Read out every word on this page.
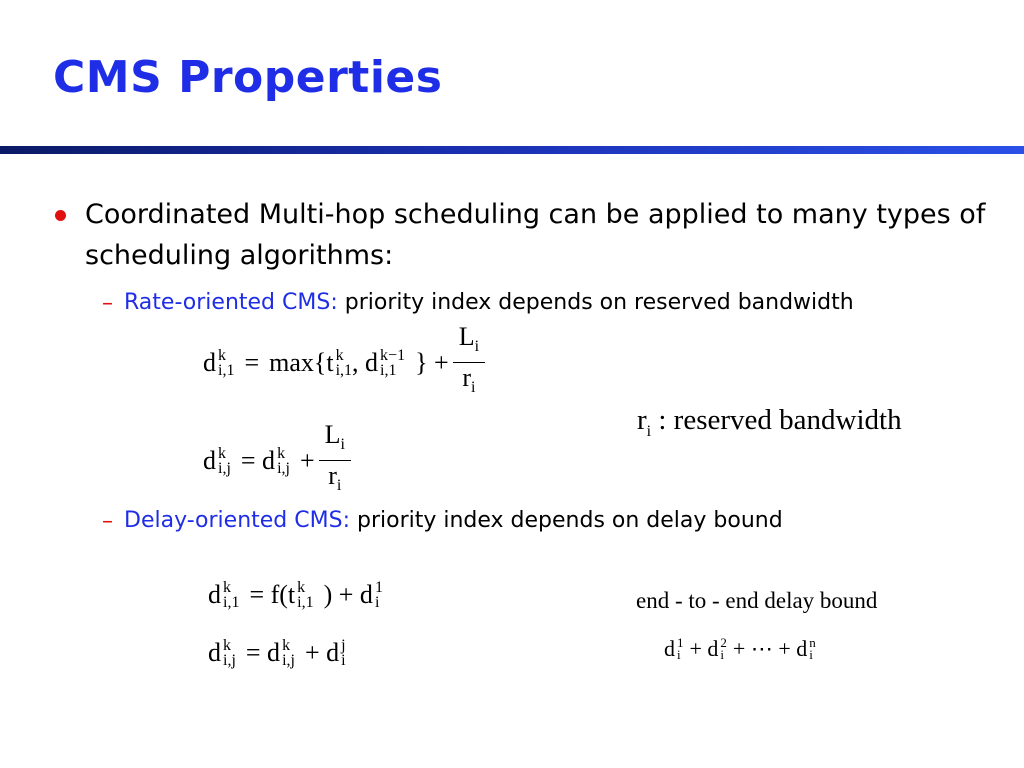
CMS Properties
Coordinated Multi-hop scheduling can be applied to many types of scheduling algorithms:
– Rate-oriented CMS: priority index depends on reserved bandwidth
d k
i,1 = max{t k
i,1 , d k−1
i,1 } + $\frac{L_i}{r_i}$
$r_i$ : reserved bandwidth
d k
i,j = d k
$i,j + \frac{L_i}{r_i}$
– Delay-oriented CMS: priority index depends on delay bound
d k
i,1 = f(t k
i,1 ) + d 1
i
d k
i,j = d k
i,j + d j
i
end - to - end delay bound
d 1
i + d 2
i + ⋯ + d n
i
